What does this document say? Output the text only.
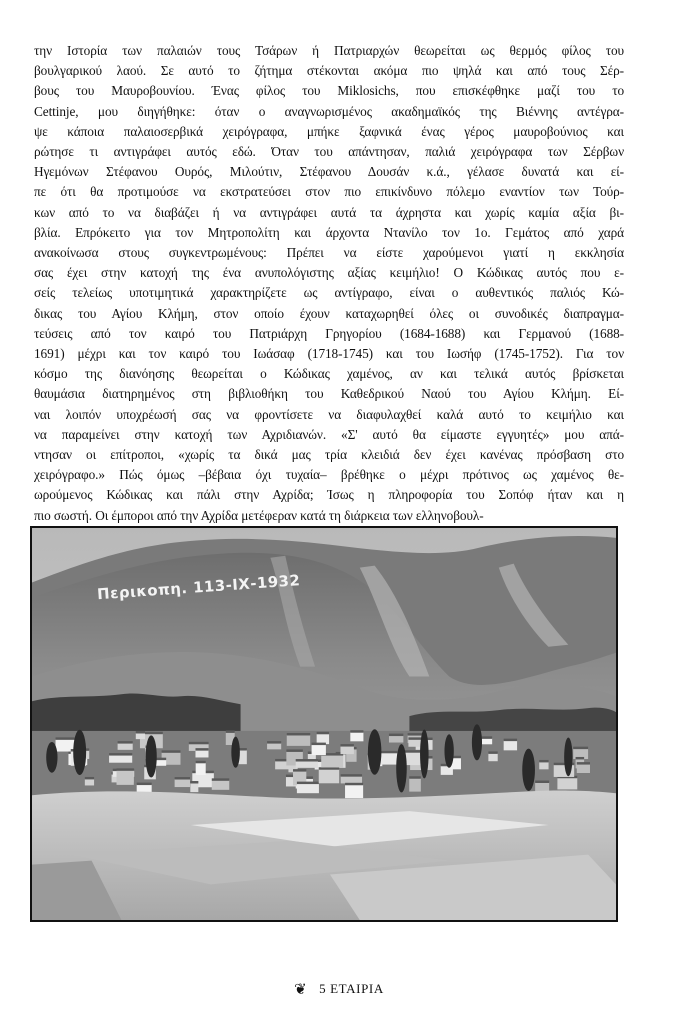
την Ιστορία των παλαιών τους Τσάρων ή Πατριαρχών θεωρείται ως θερμός φίλος του
βουλγαρικού λαού. Σε αυτό το ζήτημα στέκονται ακόμα πιο ψηλά και από τους Σέρ-
βους του Μαυροβουνίου. Ένας φίλος του Miklosichs, που επισκέφθηκε μαζί του το
Cettinje, μου διηγήθηκε: όταν ο αναγνωρισμένος ακαδημαϊκός της Βιέννης αντέγρα-
ψε κάποια παλαιοσερβικά χειρόγραφα, μπήκε ξαφνικά ένας γέρος μαυροβούνιος και
ρώτησε τι αντιγράφει αυτός εδώ. Όταν του απάντησαν, παλιά χειρόγραφα των Σέρβων
Ηγεμόνων Στέφανου Ουρός, Μιλούτιν, Στέφανου Δουσάν κ.ά., γέλασε δυνατά και εί-
πε ότι θα προτιμούσε να εκστρατεύσει στον πιο επικίνδυνο πόλεμο εναντίον των Τούρ-
κων από το να διαβάζει ή να αντιγράφει αυτά τα άχρηστα και χωρίς καμία αξία βι-
βλία. Επρόκειτο για τον Μητροπολίτη και άρχοντα Ντανίλο τον 1ο. Γεμάτος από χαρά
ανακοίνωσα στους συγκεντρωμένους: Πρέπει να είστε χαρούμενοι γιατί η εκκλησία
σας έχει στην κατοχή της ένα ανυπολόγιστης αξίας κειμήλιο! Ο Κώδικας αυτός που ε-
σείς τελείως υποτιμητικά χαρακτηρίζετε ως αντίγραφο, είναι ο αυθεντικός παλιός Κώ-
δικας του Αγίου Κλήμη, στον οποίο έχουν καταχωρηθεί όλες οι συνοδικές διαπραγμα-
τεύσεις από τον καιρό του Πατριάρχη Γρηγορίου (1684-1688) και Γερμανού (1688-
1691) μέχρι και τον καιρό του Ιωάσαφ (1718-1745) και του Ιωσήφ (1745-1752). Για τον
κόσμο της διανόησης θεωρείται ο Κώδικας χαμένος, αν και τελικά αυτός βρίσκεται
θαυμάσια διατηρημένος στη βιβλιοθήκη του Καθεδρικού Ναού του Αγίου Κλήμη. Εί-
ναι λοιπόν υποχρέωσή σας να φροντίσετε να διαφυλαχθεί καλά αυτό το κειμήλιο και
να παραμείνει στην κατοχή των Αχριδιανών. «Σ' αυτό θα είμαστε εγγυητές» μου απά-
ντησαν οι επίτροποι, «χωρίς τα δικά μας τρία κλειδιά δεν έχει κανένας πρόσβαση στο
χειρόγραφο.» Πώς όμως –βέβαια όχι τυχαία– βρέθηκε ο μέχρι πρότινος ως χαμένος θε-
ωρούμενος Κώδικας και πάλι στην Αχρίδα; Ίσως η πληροφορία του Σοπόφ ήταν και η
πιο σωστή. Οι έμποροι από την Αχρίδα μετέφεραν κατά τη διάρκεια των ελληνοβουλ-
Περικοπη. 113-ΙΧ-1932
❦ 5 ΕΤΑΙΡΙΑ
